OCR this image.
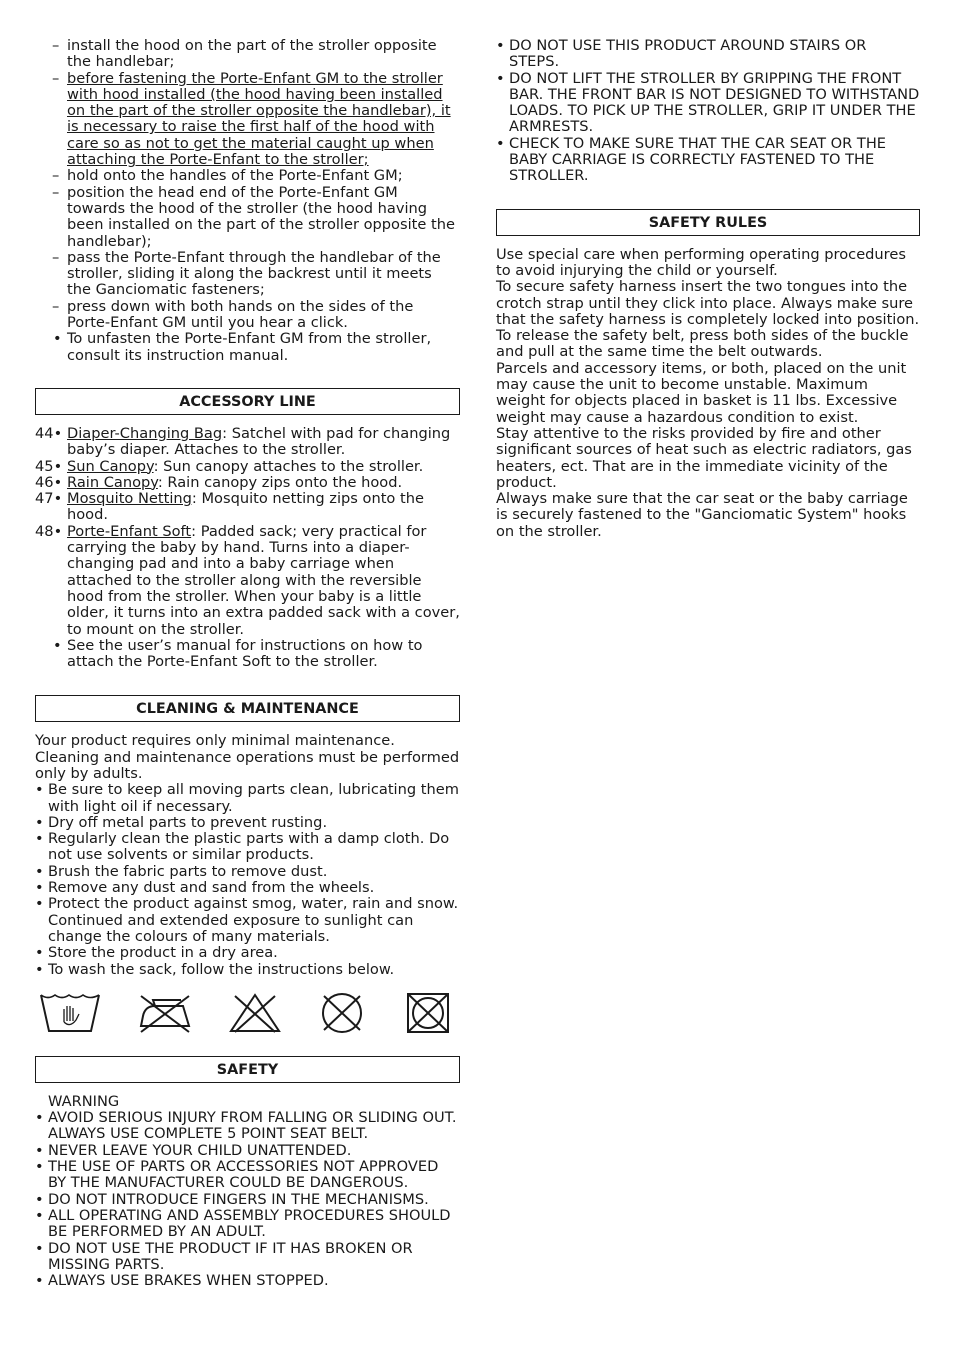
– install the hood on the part of the stroller opposite the handlebar;
– before fastening the Porte-Enfant GM to the stroller with hood installed (the hood having been installed on the part of the stroller opposite the handlebar), it is necessary to raise the first half of the hood with care so as not to get the material caught up when attaching the Porte-Enfant to the stroller;
– hold onto the handles of the Porte-Enfant GM;
– position the head end of the Porte-Enfant GM towards the hood of the stroller (the hood having been installed on the part of the stroller opposite the handlebar);
– pass the Porte-Enfant through the handlebar of the stroller, sliding it along the backrest until it meets the Ganciomatic fasteners;
– press down with both hands on the sides of the Porte-Enfant GM until you hear a click.
• To unfasten the Porte-Enfant GM from the stroller, consult its instruction manual.
ACCESSORY LINE
44• Diaper-Changing Bag: Satchel with pad for changing baby’s diaper. Attaches to the stroller.
45• Sun Canopy: Sun canopy attaches to the stroller.
46• Rain Canopy: Rain canopy zips onto the hood.
47• Mosquito Netting: Mosquito netting zips onto the hood.
48• Porte-Enfant Soft: Padded sack; very practical for carrying the baby by hand. Turns into a diaper-changing pad and into a baby carriage when attached to the stroller along with the reversible hood from the stroller. When your baby is a little older, it turns into an extra padded sack with a cover, to mount on the stroller.
• See the user’s manual for instructions on how to attach the Porte-Enfant Soft to the stroller.
CLEANING & MAINTENANCE
Your product requires only minimal maintenance. Cleaning and maintenance operations must be performed only by adults.
• Be sure to keep all moving parts clean, lubricating them with light oil if necessary.
• Dry off metal parts to prevent rusting.
• Regularly clean the plastic parts with a damp cloth. Do not use solvents or similar products.
• Brush the fabric parts to remove dust.
• Remove any dust and sand from the wheels.
• Protect the product against smog, water, rain and snow. Continued and extended exposure to sunlight can change the colours of many materials.
• Store the product in a dry area.
• To wash the sack, follow the instructions below.
SAFETY
WARNING
• AVOID SERIOUS INJURY FROM FALLING OR SLIDING OUT. ALWAYS USE COMPLETE 5 POINT SEAT BELT.
• NEVER LEAVE YOUR CHILD UNATTENDED.
• THE USE OF PARTS OR ACCESSORIES NOT APPROVED BY THE MANUFACTURER COULD BE DANGEROUS.
• DO NOT INTRODUCE FINGERS IN THE MECHANISMS.
• ALL OPERATING AND ASSEMBLY PROCEDURES SHOULD BE PERFORMED BY AN ADULT.
• DO NOT USE THE PRODUCT IF IT HAS BROKEN OR MISSING PARTS.
• ALWAYS USE BRAKES WHEN STOPPED.
• DO NOT USE THIS PRODUCT AROUND STAIRS OR STEPS.
• DO NOT LIFT THE STROLLER BY GRIPPING THE FRONT BAR. THE FRONT BAR IS NOT DESIGNED TO WITHSTAND LOADS. TO PICK UP THE STROLLER, GRIP IT UNDER THE ARMRESTS.
• CHECK TO MAKE SURE THAT THE CAR SEAT OR THE BABY CARRIAGE IS CORRECTLY FASTENED TO THE STROLLER.
SAFETY RULES
Use special care when performing operating procedures to avoid injurying the child or yourself.
To secure safety harness insert the two tongues into the crotch strap until they click into place. Always make sure that the safety harness is completely locked into position. To release the safety belt, press both sides of the buckle and pull at the same time the belt outwards.
Parcels and accessory items, or both, placed on the unit may cause the unit to become unstable. Maximum weight for objects placed in basket is 11 lbs. Excessive weight may cause a hazardous condition to exist.
Stay attentive to the risks provided by fire and other significant sources of heat such as electric radiators, gas heaters, ect. That are in the immediate vicinity of the product.
Always make sure that the car seat or the baby carriage is securely fastened to the "Ganciomatic System" hooks on the stroller.
